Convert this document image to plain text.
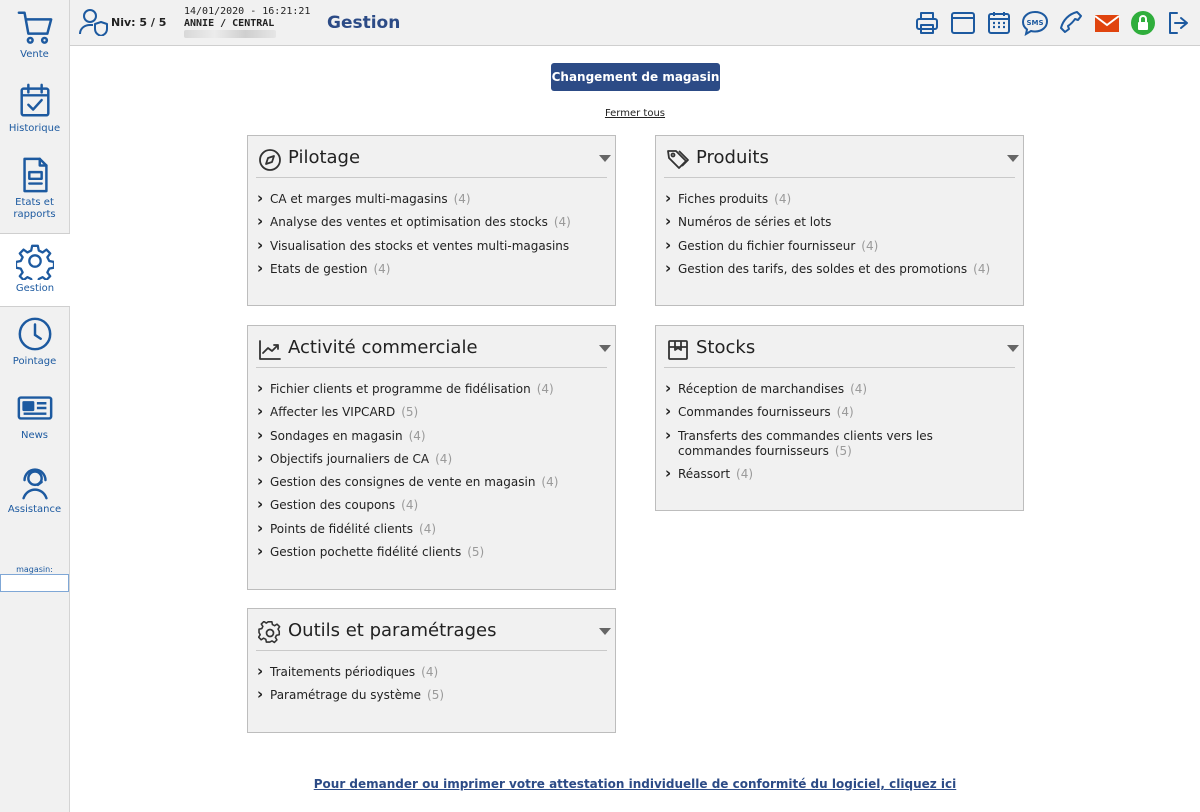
Vente
Historique
Etats et rapports
Gestion
Pointage
News
Assistance
magasin:
Niv: 5 / 5
14/01/2020 - 16:21:21
ANNIE / CENTRAL	Gestion	SMS
Changement de magasin
Fermer tous
Pilotage
› CA et marges multi-magasins (4)
› Analyse des ventes et optimisation des stocks (4)
› Visualisation des stocks et ventes multi-magasins
› Etats de gestion (4)
Produits
› Fiches produits (4)
› Numéros de séries et lots
› Gestion du fichier fournisseur (4)
› Gestion des tarifs, des soldes et des promotions (4)
Activité commerciale
› Fichier clients et programme de fidélisation (4)
› Affecter les VIPCARD (5)
› Sondages en magasin (4)
› Objectifs journaliers de CA (4)
› Gestion des consignes de vente en magasin (4)
› Gestion des coupons (4)
› Points de fidélité clients (4)
› Gestion pochette fidélité clients (5)
Stocks
› Réception de marchandises (4)
› Commandes fournisseurs (4)
› Transferts des commandes clients vers les commandes fournisseurs (5)
› Réassort (4)
Outils et paramétrages
› Traitements périodiques (4)
› Paramétrage du système (5)
Pour demander ou imprimer votre attestation individuelle de conformité du logiciel, cliquez ici
